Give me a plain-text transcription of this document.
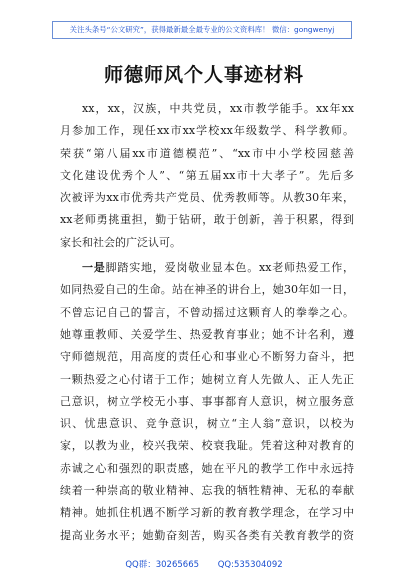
关注头条号“公文研究”，获得最新最全最专业的公文资料库！ 微信：gongwenyj
师德师风个人事迹材料
xx，xx，汉族，中共党员，xx市教学能手。xx年xx
月参加工作，现任xx市xx学校xx年级数学、科学教师。
荣获“第八届xx市道德模范”、“xx市中小学校园慈善
文化建设优秀个人”、“第五届xx市十大孝子”。先后多
次被评为xx市优秀共产党员、优秀教师等。从教30年来，
xx老师勇挑重担，勤于钻研，敢于创新，善于积累，得到
家长和社会的广泛认可。
一是脚踏实地，爱岗敬业显本色。xx老师热爱工作，
如同热爱自己的生命。站在神圣的讲台上，她30年如一日，
不曾忘记自己的誓言，不曾动摇过这颗育人的拳拳之心。
她尊重教师、关爱学生、热爱教育事业；她不计名利，遵
守师德规范，用高度的责任心和事业心不断努力奋斗，把
一颗热爱之心付诸于工作；她树立育人先做人、正人先正
己意识，树立学校无小事、事事都育人意识，树立服务意
识、忧患意识、竞争意识，树立“主人翁”意识，以校为
家，以教为业，校兴我荣、校衰我耻。凭着这种对教育的
赤诚之心和强烈的职责感，她在平凡的教学工作中永远持
续着一种崇高的敬业精神、忘我的牺牲精神、无私的奉献
精神。她抓住机遇不断学习新的教育教学理念，在学习中
提高业务水平；她勤奋刻苦，购买各类有关教育教学的资
QQ群：30265665 QQ:535304092
